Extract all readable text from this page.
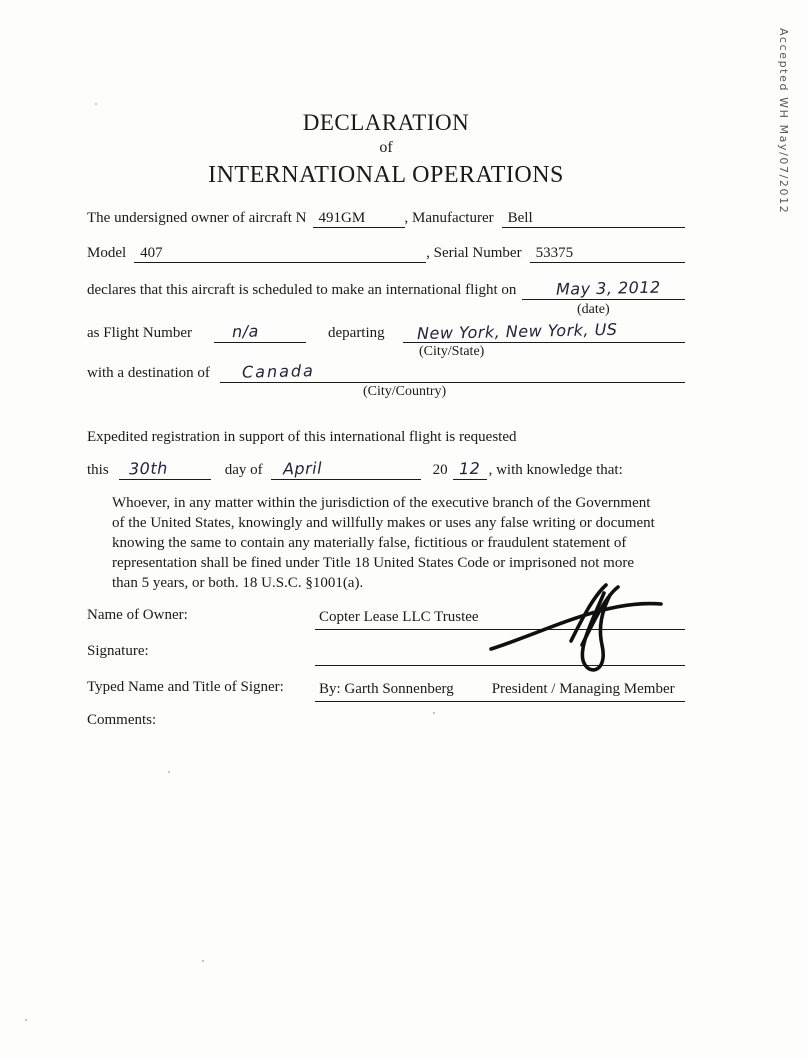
Accepted WH May/07/2012
DECLARATION
of
INTERNATIONAL OPERATIONS
The undersigned owner of aircraft N 491GM	, Manufacturer Bell
Model 407	, Serial Number 53375
declares that this aircraft is scheduled to make an international flight on	May 3, 2012
(date)
as Flight Number	n/a	departing	New York, New York, US
(City/State)
with a destination of	Canada
(City/Country)
Expedited registration in support of this international flight is requested
this	30th	day of	April	20 12 , with knowledge that:
Whoever, in any matter within the jurisdiction of the executive branch of the Government of the United States, knowingly and willfully makes or uses any false writing or document knowing the same to contain any materially false, fictitious or fraudulent statement of representation shall be fined under Title 18 United States Code or imprisoned not more than 5 years, or both. 18 U.S.C. §1001(a).
Name of Owner:	Copter Lease LLC Trustee
Signature:
Typed Name and Title of Signer:	By: Garth Sonnenberg	President / Managing Member
Comments:
